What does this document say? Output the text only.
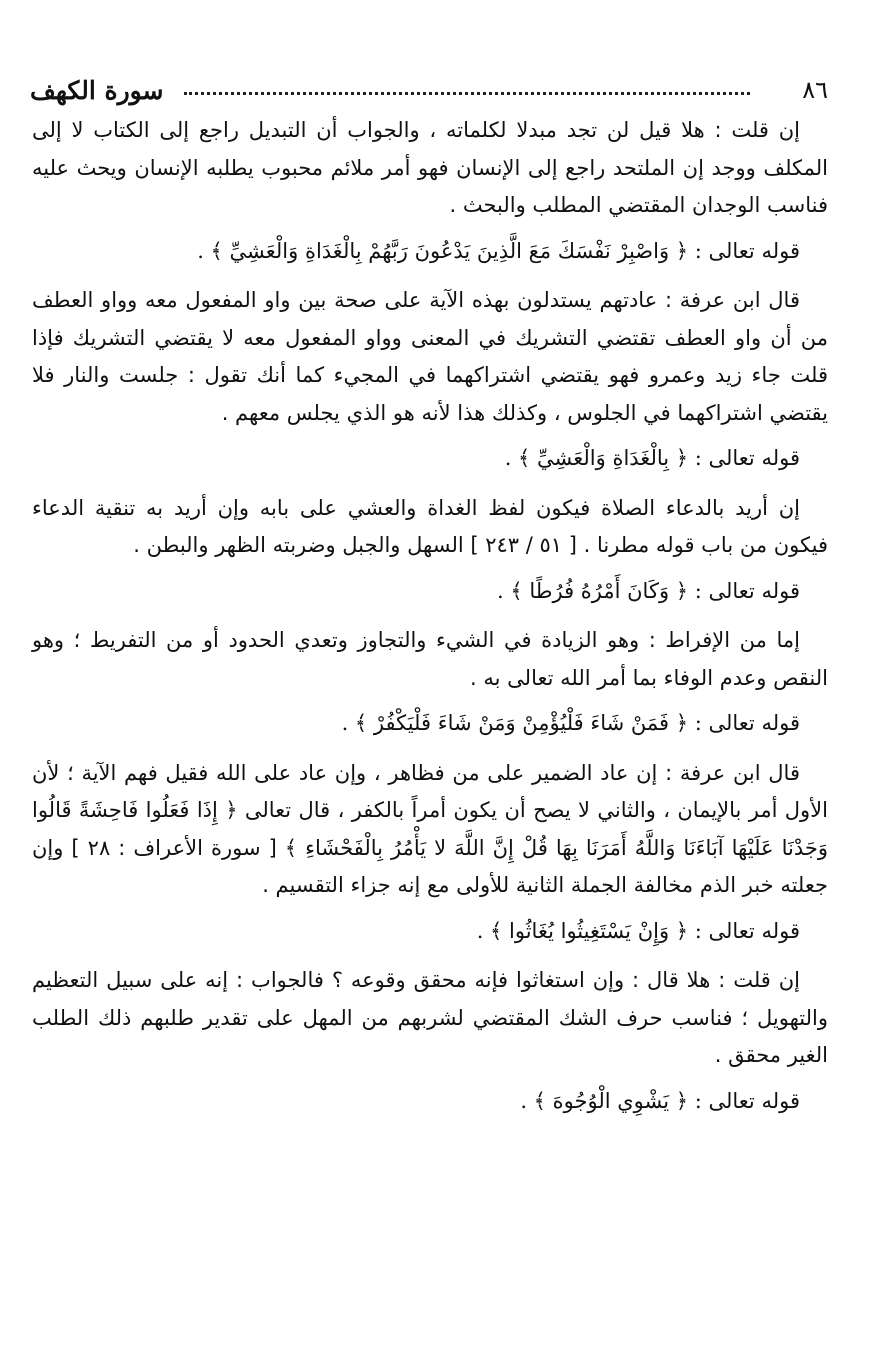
سورة الكهف	٨٦

إن قلت : هلا قيل لن تجد مبدلا لكلماته ، والجواب أن التبديل راجع إلى الكتاب لا إلى المكلف ووجد إن الملتحد راجع إلى الإنسان فهو أمر ملائم محبوب يطلبه الإنسان ويحث عليه فناسب الوجدان المقتضي المطلب والبحث .

قوله تعالى : ﴿ وَاصْبِرْ نَفْسَكَ مَعَ الَّذِينَ يَدْعُونَ رَبَّهُمْ بِالْغَدَاةِ وَالْعَشِيِّ ﴾ .

قال ابن عرفة : عادتهم يستدلون بهذه الآية على صحة بين واو المفعول معه وواو العطف من أن واو العطف تقتضي التشريك في المعنى وواو المفعول معه لا يقتضي التشريك فإذا قلت جاء زيد وعمرو فهو يقتضي اشتراكهما في المجيء كما أنك تقول : جلست والنار فلا يقتضي اشتراكهما في الجلوس ، وكذلك هذا لأنه هو الذي يجلس معهم .

قوله تعالى : ﴿ بِالْغَدَاةِ وَالْعَشِيِّ ﴾ .

إن أريد بالدعاء الصلاة فيكون لفظ الغداة والعشي على بابه وإن أريد به تنقية الدعاء فيكون من باب قوله مطرنا . [ ٥١ / ٢٤٣ ] السهل والجبل وضربته الظهر والبطن .

قوله تعالى : ﴿ وَكَانَ أَمْرُهُ فُرُطًا ﴾ .

إما من الإفراط : وهو الزيادة في الشيء والتجاوز وتعدي الحدود أو من التفريط ؛ وهو النقص وعدم الوفاء بما أمر الله تعالى به .

قوله تعالى : ﴿ فَمَنْ شَاءَ فَلْيُؤْمِنْ وَمَنْ شَاءَ فَلْيَكْفُرْ ﴾ .

قال ابن عرفة : إن عاد الضمير على من فظاهر ، وإن عاد على الله فقيل فهم الآية ؛ لأن الأول أمر بالإيمان ، والثاني لا يصح أن يكون أمراً بالكفر ، قال تعالى ﴿ إِذَا فَعَلُوا فَاحِشَةً قَالُوا وَجَدْنَا عَلَيْهَا آبَاءَنَا وَاللَّهُ أَمَرَنَا بِهَا قُلْ إِنَّ اللَّهَ لا يَأْمُرُ بِالْفَحْشَاءِ ﴾ [ سورة الأعراف : ٢٨ ] وإن جعلته خبر الذم مخالفة الجملة الثانية للأولى مع إنه جزاء التقسيم .

قوله تعالى : ﴿ وَإِنْ يَسْتَغِيثُوا يُغَاثُوا ﴾ .

إن قلت : هلا قال : وإن استغاثوا فإنه محقق وقوعه ؟ فالجواب : إنه على سبيل التعظيم والتهويل ؛ فناسب حرف الشك المقتضي لشربهم من المهل على تقدير طلبهم ذلك الطلب الغير محقق .

قوله تعالى : ﴿ يَشْوِي الْوُجُوهَ ﴾ .
